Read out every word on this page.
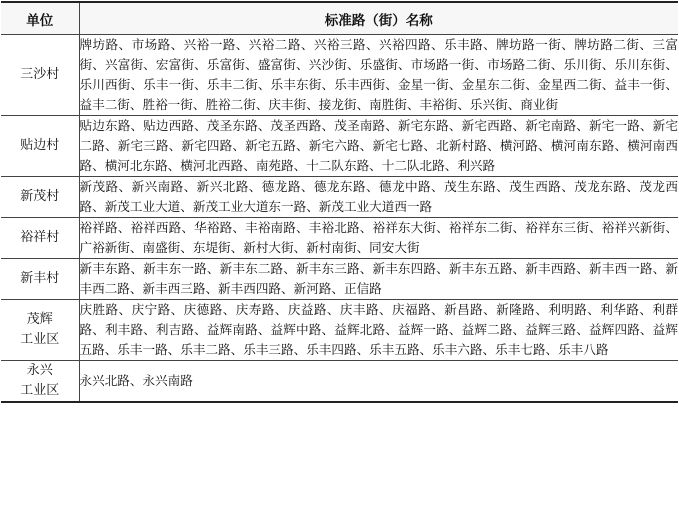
单位	标准路（街）名称

三沙村	牌坊路、市场路、兴裕一路、兴裕二路、兴裕三路、兴裕四路、乐丰路、牌坊路一街、牌坊路二街、三富街、兴富街、宏富街、乐富街、盛富街、兴沙街、乐盛街、市场路一街、市场路二街、乐川街、乐川东街、乐川西街、乐丰一街、乐丰二街、乐丰东街、乐丰西街、金星一街、金星东二街、金星西二街、益丰一街、益丰二街、胜裕一街、胜裕二街、庆丰街、接龙街、南胜街、丰裕街、乐兴街、商业街

贴边村	贴边东路、贴边西路、茂圣东路、茂圣西路、茂圣南路、新宅东路、新宅西路、新宅南路、新宅一路、新宅二路、新宅三路、新宅四路、新宅五路、新宅六路、新宅七路、北新村路、横河路、横河南东路、横河南西路、横河北东路、横河北西路、南苑路、十二队东路、十二队北路、利兴路

新茂村	新茂路、新兴南路、新兴北路、德龙路、德龙东路、德龙中路、茂生东路、茂生西路、茂龙东路、茂龙西路、新茂工业大道、新茂工业大道东一路、新茂工业大道西一路

裕祥村	裕祥路、裕祥西路、华裕路、丰裕南路、丰裕北路、裕祥东大街、裕祥东二街、裕祥东三街、裕祥兴新街、广裕新街、南盛街、东堤街、新村大街、新村南街、同安大街

新丰村	新丰东路、新丰东一路、新丰东二路、新丰东三路、新丰东四路、新丰东五路、新丰西路、新丰西一路、新丰西二路、新丰西三路、新丰西四路、新河路、正信路

茂辉
工业区	庆胜路、庆宁路、庆德路、庆寿路、庆益路、庆丰路、庆福路、新昌路、新隆路、利明路、利华路、利群路、利丰路、利吉路、益辉南路、益辉中路、益辉北路、益辉一路、益辉二路、益辉三路、益辉四路、益辉五路、乐丰一路、乐丰二路、乐丰三路、乐丰四路、乐丰五路、乐丰六路、乐丰七路、乐丰八路

永兴
工业区	永兴北路、永兴南路
